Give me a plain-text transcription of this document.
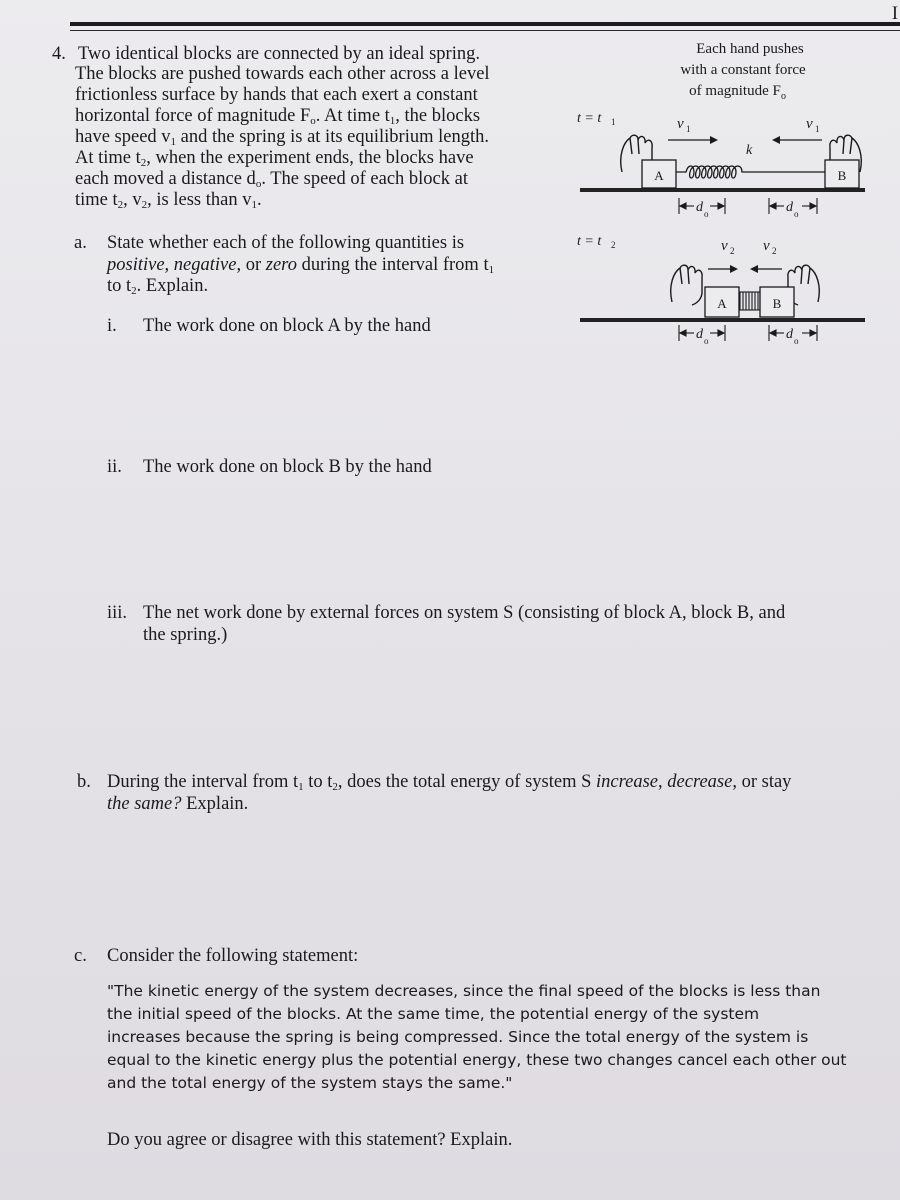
I
4. Two identical blocks are connected by an ideal spring.
The blocks are pushed towards each other across a level
frictionless surface by hands that each exert a constant
horizontal force of magnitude $F_o$. At time $t_1$, the blocks
have speed $v_1$ and the spring is at its equilibrium length.
At time $t_2$, when the experiment ends, the blocks have
each moved a distance $d_o$. The speed of each block at
time $t_2$, $v_2$, is less than $v_1$.
Each hand pushes
with a constant force
of magnitude F o
t = t 1	v 1	v 1
k
A	B
d o	d o
t = t 2	v 2 v 2
A	B
d o	d o
a. State whether each of the following quantities is
positive, negative, or zero during the interval from $t_1$
to $t_2$. Explain.
i. The work done on block A by the hand
ii. The work done on block B by the hand
iii. The net work done by external forces on system S (consisting of block A, block B, and
the spring.)
b. During the interval from $t_1$ to $t_2$, does the total energy of system S increase, decrease, or stay
the same? Explain.
c. Consider the following statement:
"The kinetic energy of the system decreases, since the final speed of the blocks is less than
the initial speed of the blocks. At the same time, the potential energy of the system
increases because the spring is being compressed. Since the total energy of the system is
equal to the kinetic energy plus the potential energy, these two changes cancel each other out
and the total energy of the system stays the same."
Do you agree or disagree with this statement? Explain.
